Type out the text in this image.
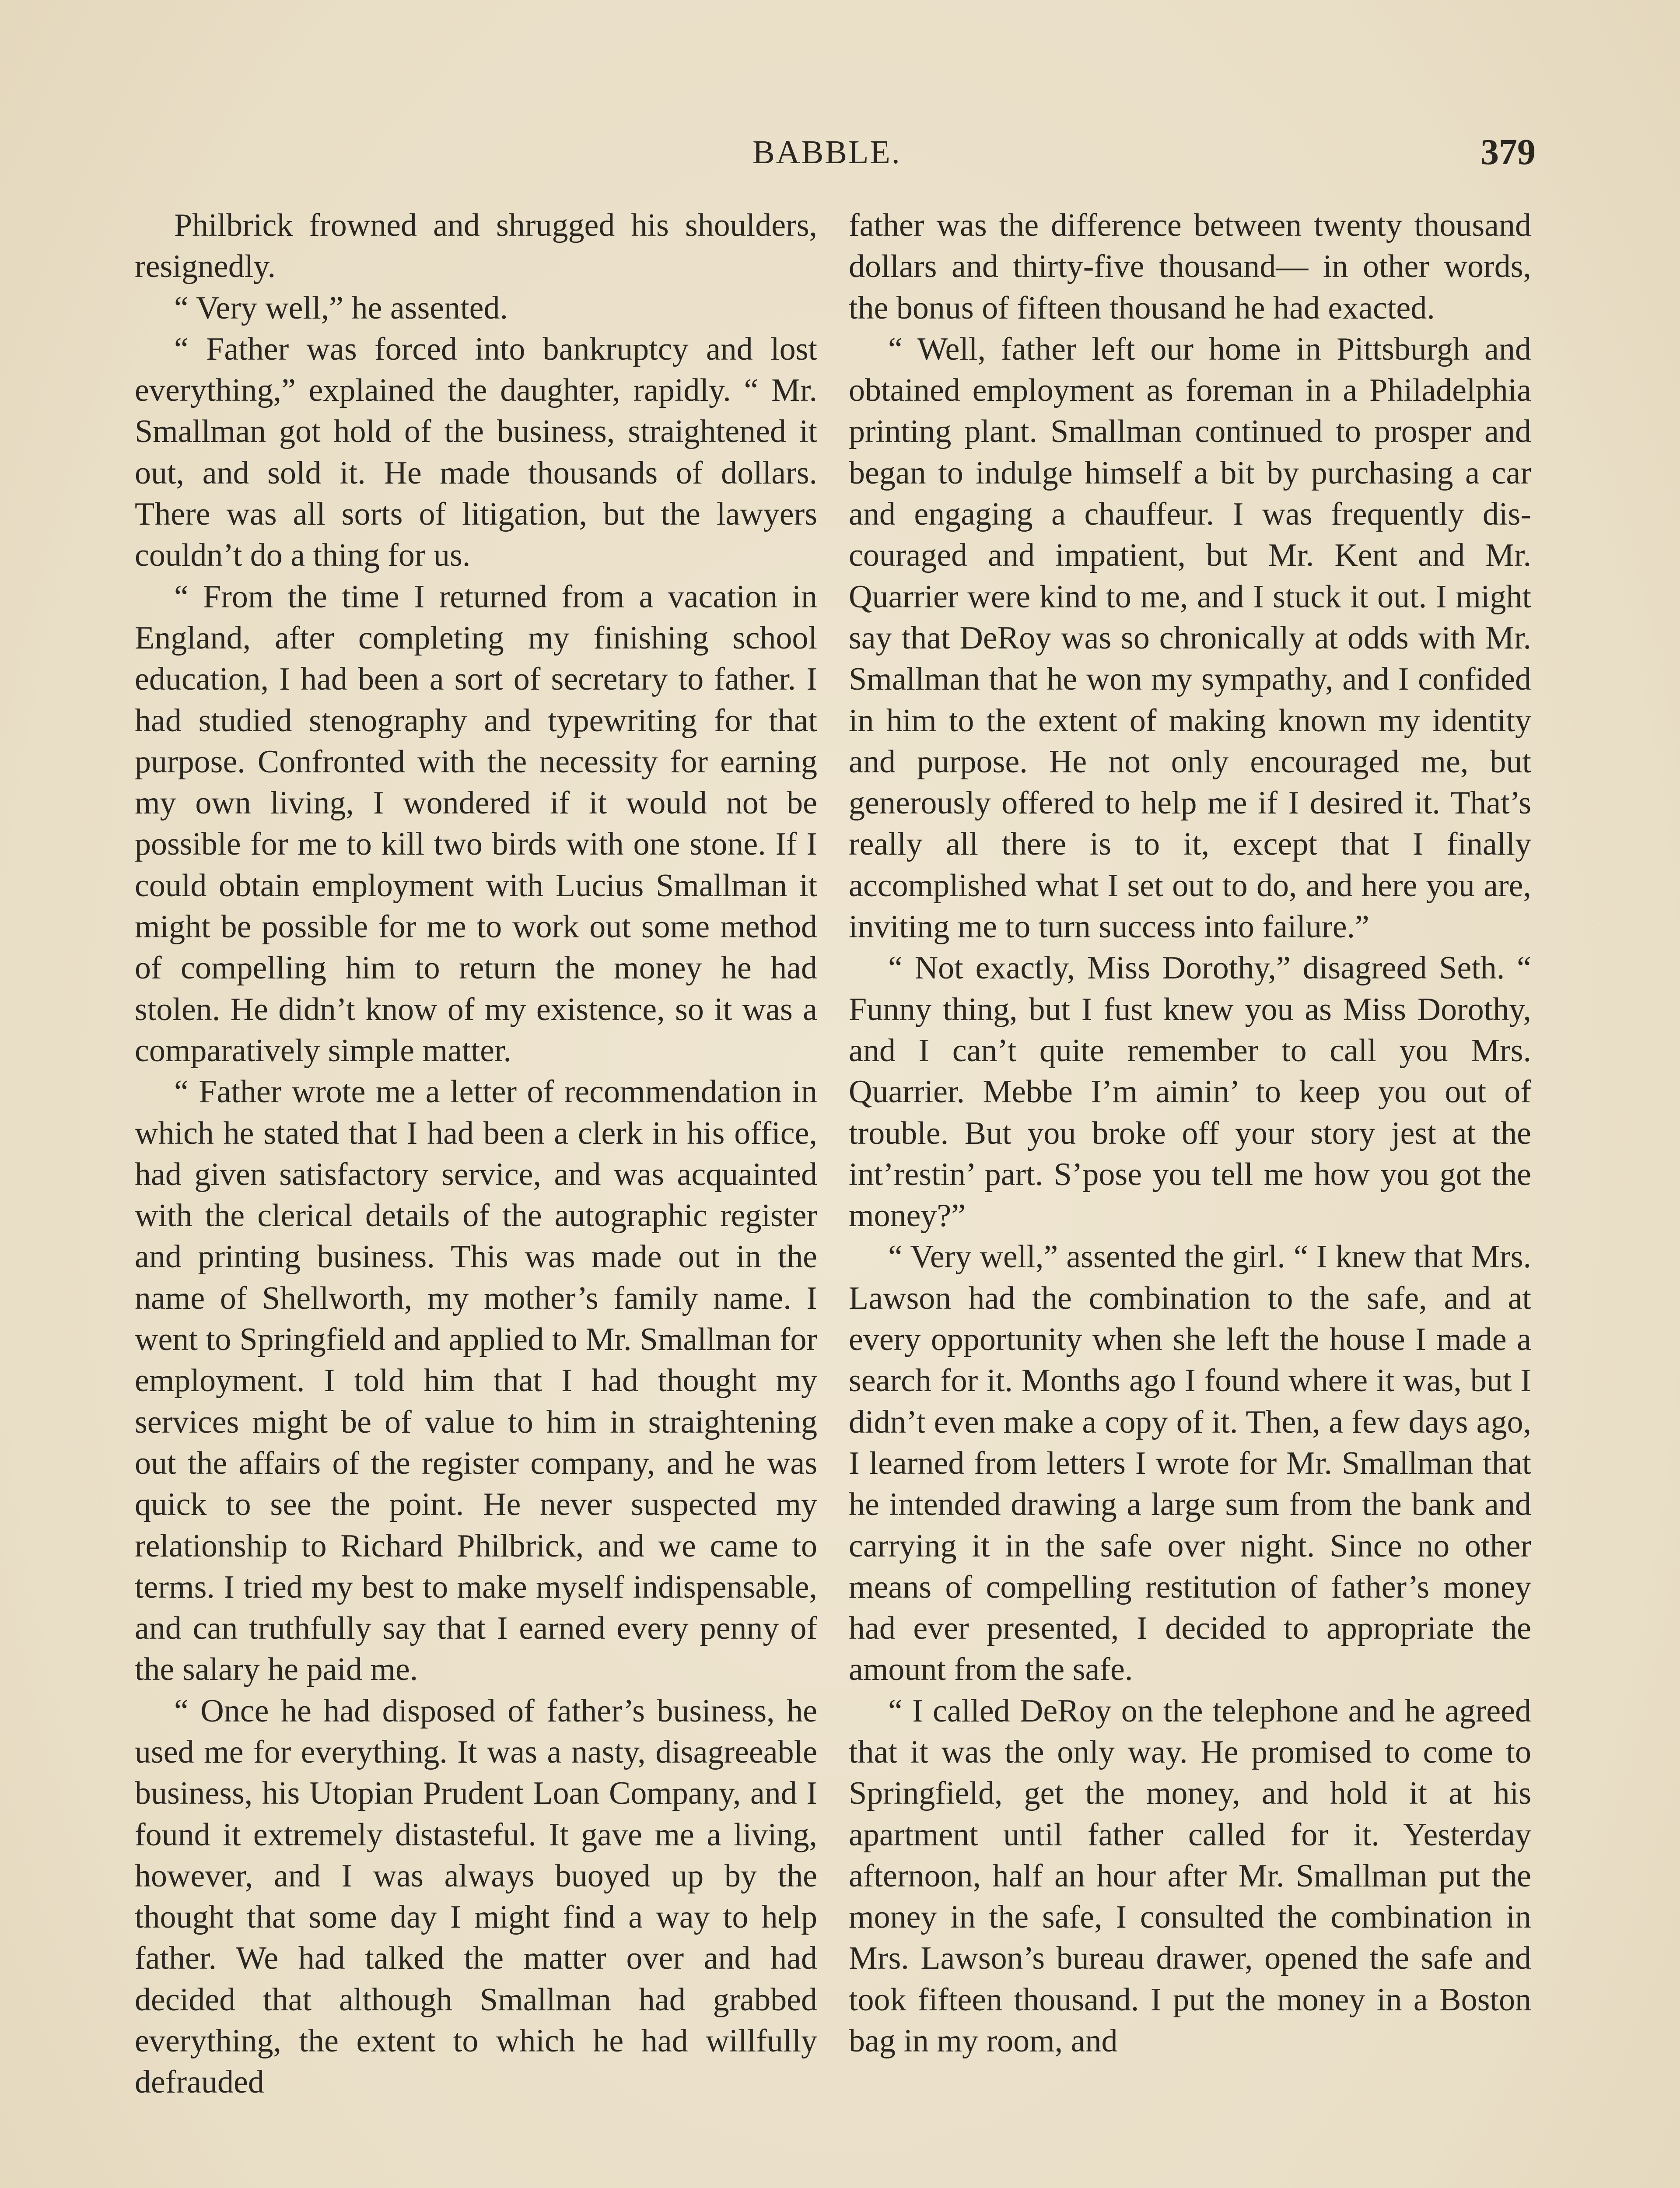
BABBLE.	379

Philbrick frowned and shrugged his shoulders, resignedly.

“ Very well,” he assented.

“ Father was forced into bankruptcy and lost everything,” explained the daughter, rapidly. “ Mr. Smallman got hold of the business, straightened it out, and sold it. He made thousands of dollars. There was all sorts of litigation, but the lawyers couldn’t do a thing for us.

“ From the time I returned from a vacation in England, after completing my finishing school education, I had been a sort of secretary to father. I had studied stenography and typewriting for that purpose. Confronted with the necessity for earning my own living, I wondered if it would not be possible for me to kill two birds with one stone. If I could obtain employment with Lucius Smallman it might be possible for me to work out some method of compelling him to return the money he had stolen. He didn’t know of my existence, so it was a comparatively simple matter.

“ Father wrote me a letter of recommendation in which he stated that I had been a clerk in his office, had given satisfactory service, and was acquainted with the clerical details of the autographic register and printing business. This was made out in the name of Shellworth, my mother’s family name. I went to Springfield and applied to Mr. Smallman for employment. I told him that I had thought my services might be of value to him in straightening out the affairs of the register company, and he was quick to see the point. He never suspected my relationship to Richard Philbrick, and we came to terms. I tried my best to make myself indispensable, and can truthfully say that I earned every penny of the salary he paid me.

“ Once he had disposed of father’s business, he used me for everything. It was a nasty, disagreeable business, his Utopian Prudent Loan Company, and I found it extremely distasteful. It gave me a living, however, and I was always buoyed up by the thought that some day I might find a way to help father. We had talked the matter over and had decided that although Smallman had grabbed everything, the extent to which he had willfully defrauded

father was the difference between twenty thousand dollars and thirty-five thousand— in other words, the bonus of fifteen thousand he had exacted.

“ Well, father left our home in Pittsburgh and obtained employment as foreman in a Philadelphia printing plant. Smallman continued to prosper and began to indulge himself a bit by purchasing a car and engaging a chauffeur. I was frequently discouraged and impatient, but Mr. Kent and Mr. Quarrier were kind to me, and I stuck it out. I might say that DeRoy was so chronically at odds with Mr. Smallman that he won my sympathy, and I confided in him to the extent of making known my identity and purpose. He not only encouraged me, but generously offered to help me if I desired it. That’s really all there is to it, except that I finally accomplished what I set out to do, and here you are, inviting me to turn success into failure.”

“ Not exactly, Miss Dorothy,” disagreed Seth. “ Funny thing, but I fust knew you as Miss Dorothy, and I can’t quite remember to call you Mrs. Quarrier. Mebbe I’m aimin’ to keep you out of trouble. But you broke off your story jest at the int’restin’ part. S’pose you tell me how you got the money?”

“ Very well,” assented the girl. “ I knew that Mrs. Lawson had the combination to the safe, and at every opportunity when she left the house I made a search for it. Months ago I found where it was, but I didn’t even make a copy of it. Then, a few days ago, I learned from letters I wrote for Mr. Smallman that he intended drawing a large sum from the bank and carrying it in the safe over night. Since no other means of compelling restitution of father’s money had ever presented, I decided to appropriate the amount from the safe.

“ I called DeRoy on the telephone and he agreed that it was the only way. He promised to come to Springfield, get the money, and hold it at his apartment until father called for it. Yesterday afternoon, half an hour after Mr. Smallman put the money in the safe, I consulted the combination in Mrs. Lawson’s bureau drawer, opened the safe and took fifteen thousand. I put the money in a Boston bag in my room, and
